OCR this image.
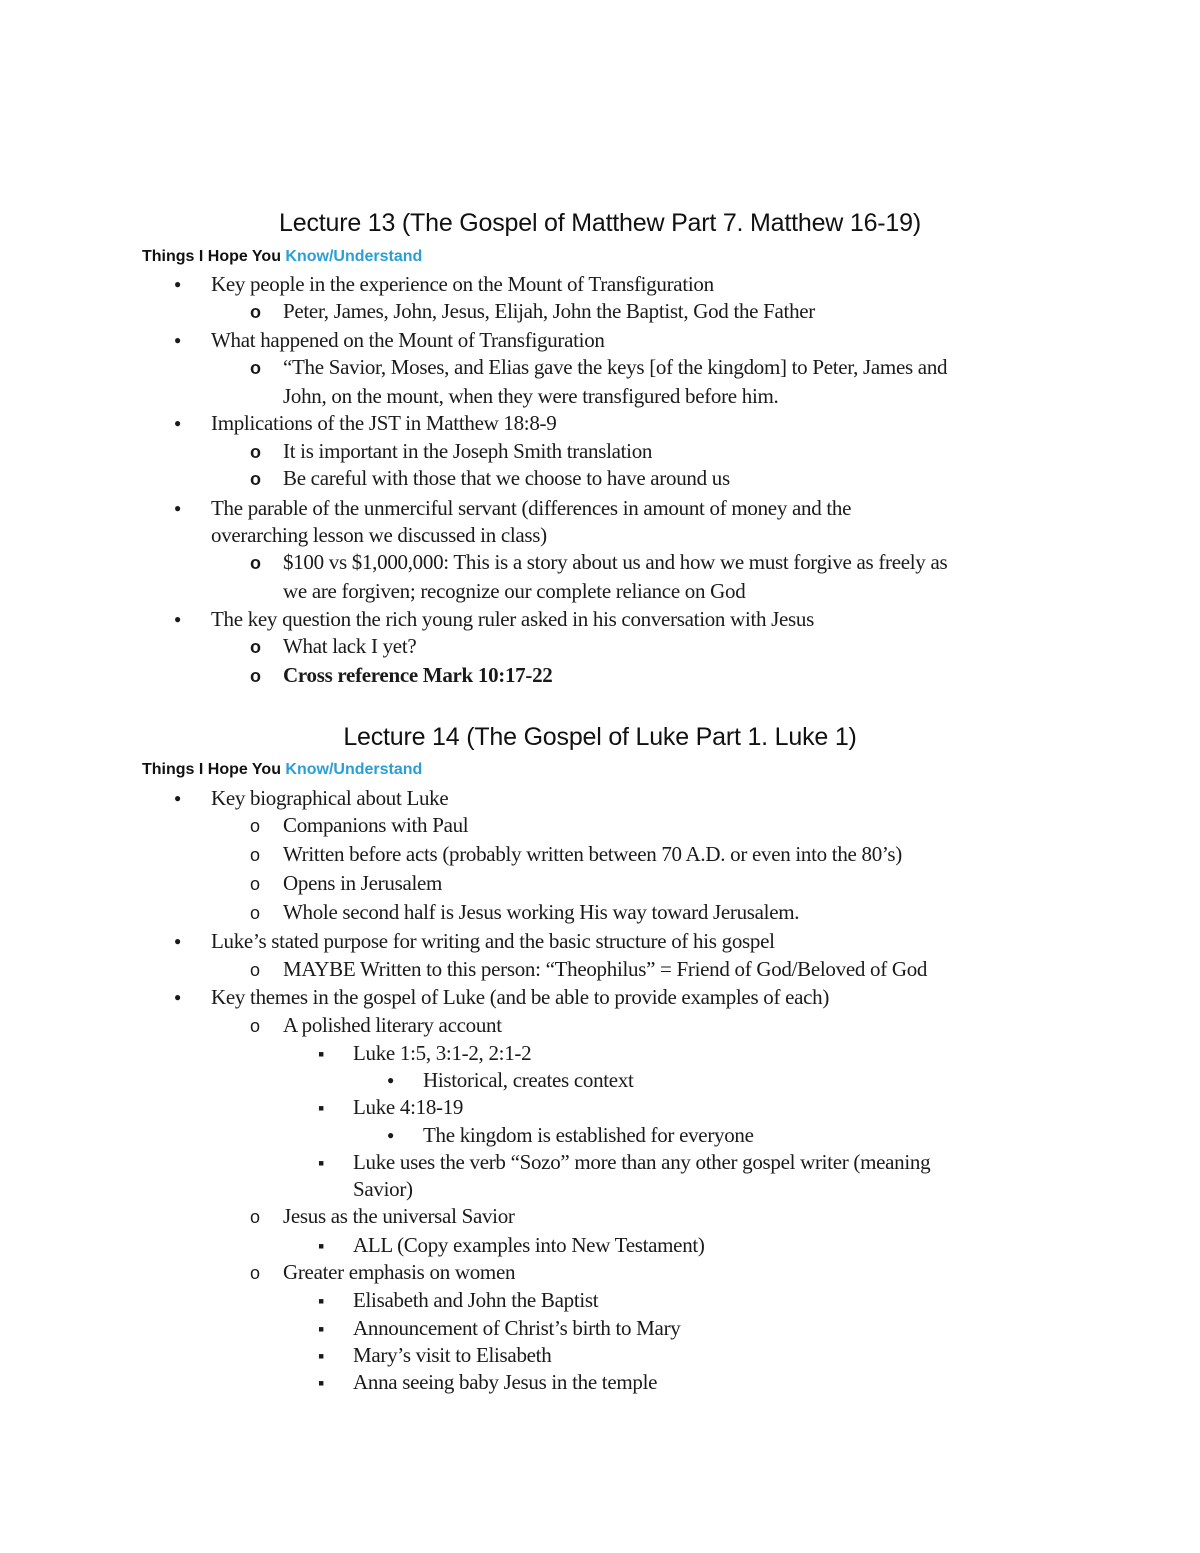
Lecture 13 (The Gospel of Matthew Part 7. Matthew 16-19)
Things I Hope You Know/Understand
●
Key people in the experience on the Mount of Transfiguration
o
Peter, James, John, Jesus, Elijah, John the Baptist, God the Father
●
What happened on the Mount of Transfiguration
o
“The Savior, Moses, and Elias gave the keys [of the kingdom] to Peter, James and
John, on the mount, when they were transfigured before him.
●
Implications of the JST in Matthew 18:8-9
o
It is important in the Joseph Smith translation
o
Be careful with those that we choose to have around us
●
The parable of the unmerciful servant (differences in amount of money and the
overarching lesson we discussed in class)
o
$100 vs $1,000,000: This is a story about us and how we must forgive as freely as
we are forgiven; recognize our complete reliance on God
●
The key question the rich young ruler asked in his conversation with Jesus
o
What lack I yet?
o
Cross reference Mark 10:17-22
Lecture 14 (The Gospel of Luke Part 1. Luke 1)
Things I Hope You Know/Understand
●
Key biographical about Luke
o
Companions with Paul
o
Written before acts (probably written between 70 A.D. or even into the 80’s)
o
Opens in Jerusalem
o
Whole second half is Jesus working His way toward Jerusalem.
●
Luke’s stated purpose for writing and the basic structure of his gospel
o
MAYBE Written to this person: “Theophilus” = Friend of God/Beloved of God
●
Key themes in the gospel of Luke (and be able to provide examples of each)
o
A polished literary account
▪
Luke 1:5, 3:1-2, 2:1-2
●
Historical, creates context
▪
Luke 4:18-19
●
The kingdom is established for everyone
▪
Luke uses the verb “Sozo” more than any other gospel writer (meaning
Savior)
o
Jesus as the universal Savior
▪
ALL (Copy examples into New Testament)
o
Greater emphasis on women
▪
Elisabeth and John the Baptist
▪
Announcement of Christ’s birth to Mary
▪
Mary’s visit to Elisabeth
▪
Anna seeing baby Jesus in the temple
